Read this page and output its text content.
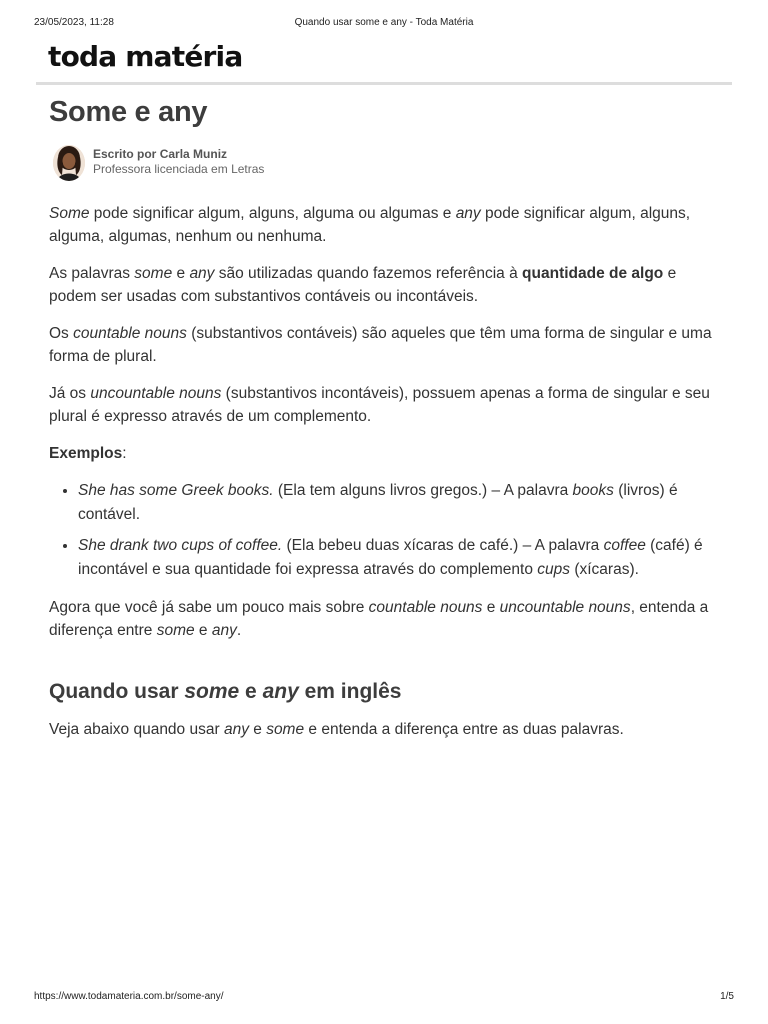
23/05/2023, 11:28	Quando usar some e any - Toda Matéria
toda matéria
Some e any
Escrito por Carla Muniz
Professora licenciada em Letras

Some pode significar algum, alguns, alguma ou algumas e any pode significar algum, alguns, alguma, algumas, nenhum ou nenhuma.

As palavras some e any são utilizadas quando fazemos referência à quantidade de algo e podem ser usadas com substantivos contáveis ou incontáveis.

Os countable nouns (substantivos contáveis) são aqueles que têm uma forma de singular e uma forma de plural.

Já os uncountable nouns (substantivos incontáveis), possuem apenas a forma de singular e seu plural é expresso através de um complemento.

Exemplos:

• She has some Greek books. (Ela tem alguns livros gregos.) – A palavra books (livros) é contável.
• She drank two cups of coffee. (Ela bebeu duas xícaras de café.) – A palavra coffee (café) é incontável e sua quantidade foi expressa através do complemento cups (xícaras).

Agora que você já sabe um pouco mais sobre countable nouns e uncountable nouns, entenda a diferença entre some e any.

Quando usar some e any em inglês

Veja abaixo quando usar any e some e entenda a diferença entre as duas palavras.

https://www.todamateria.com.br/some-any/	1/5
